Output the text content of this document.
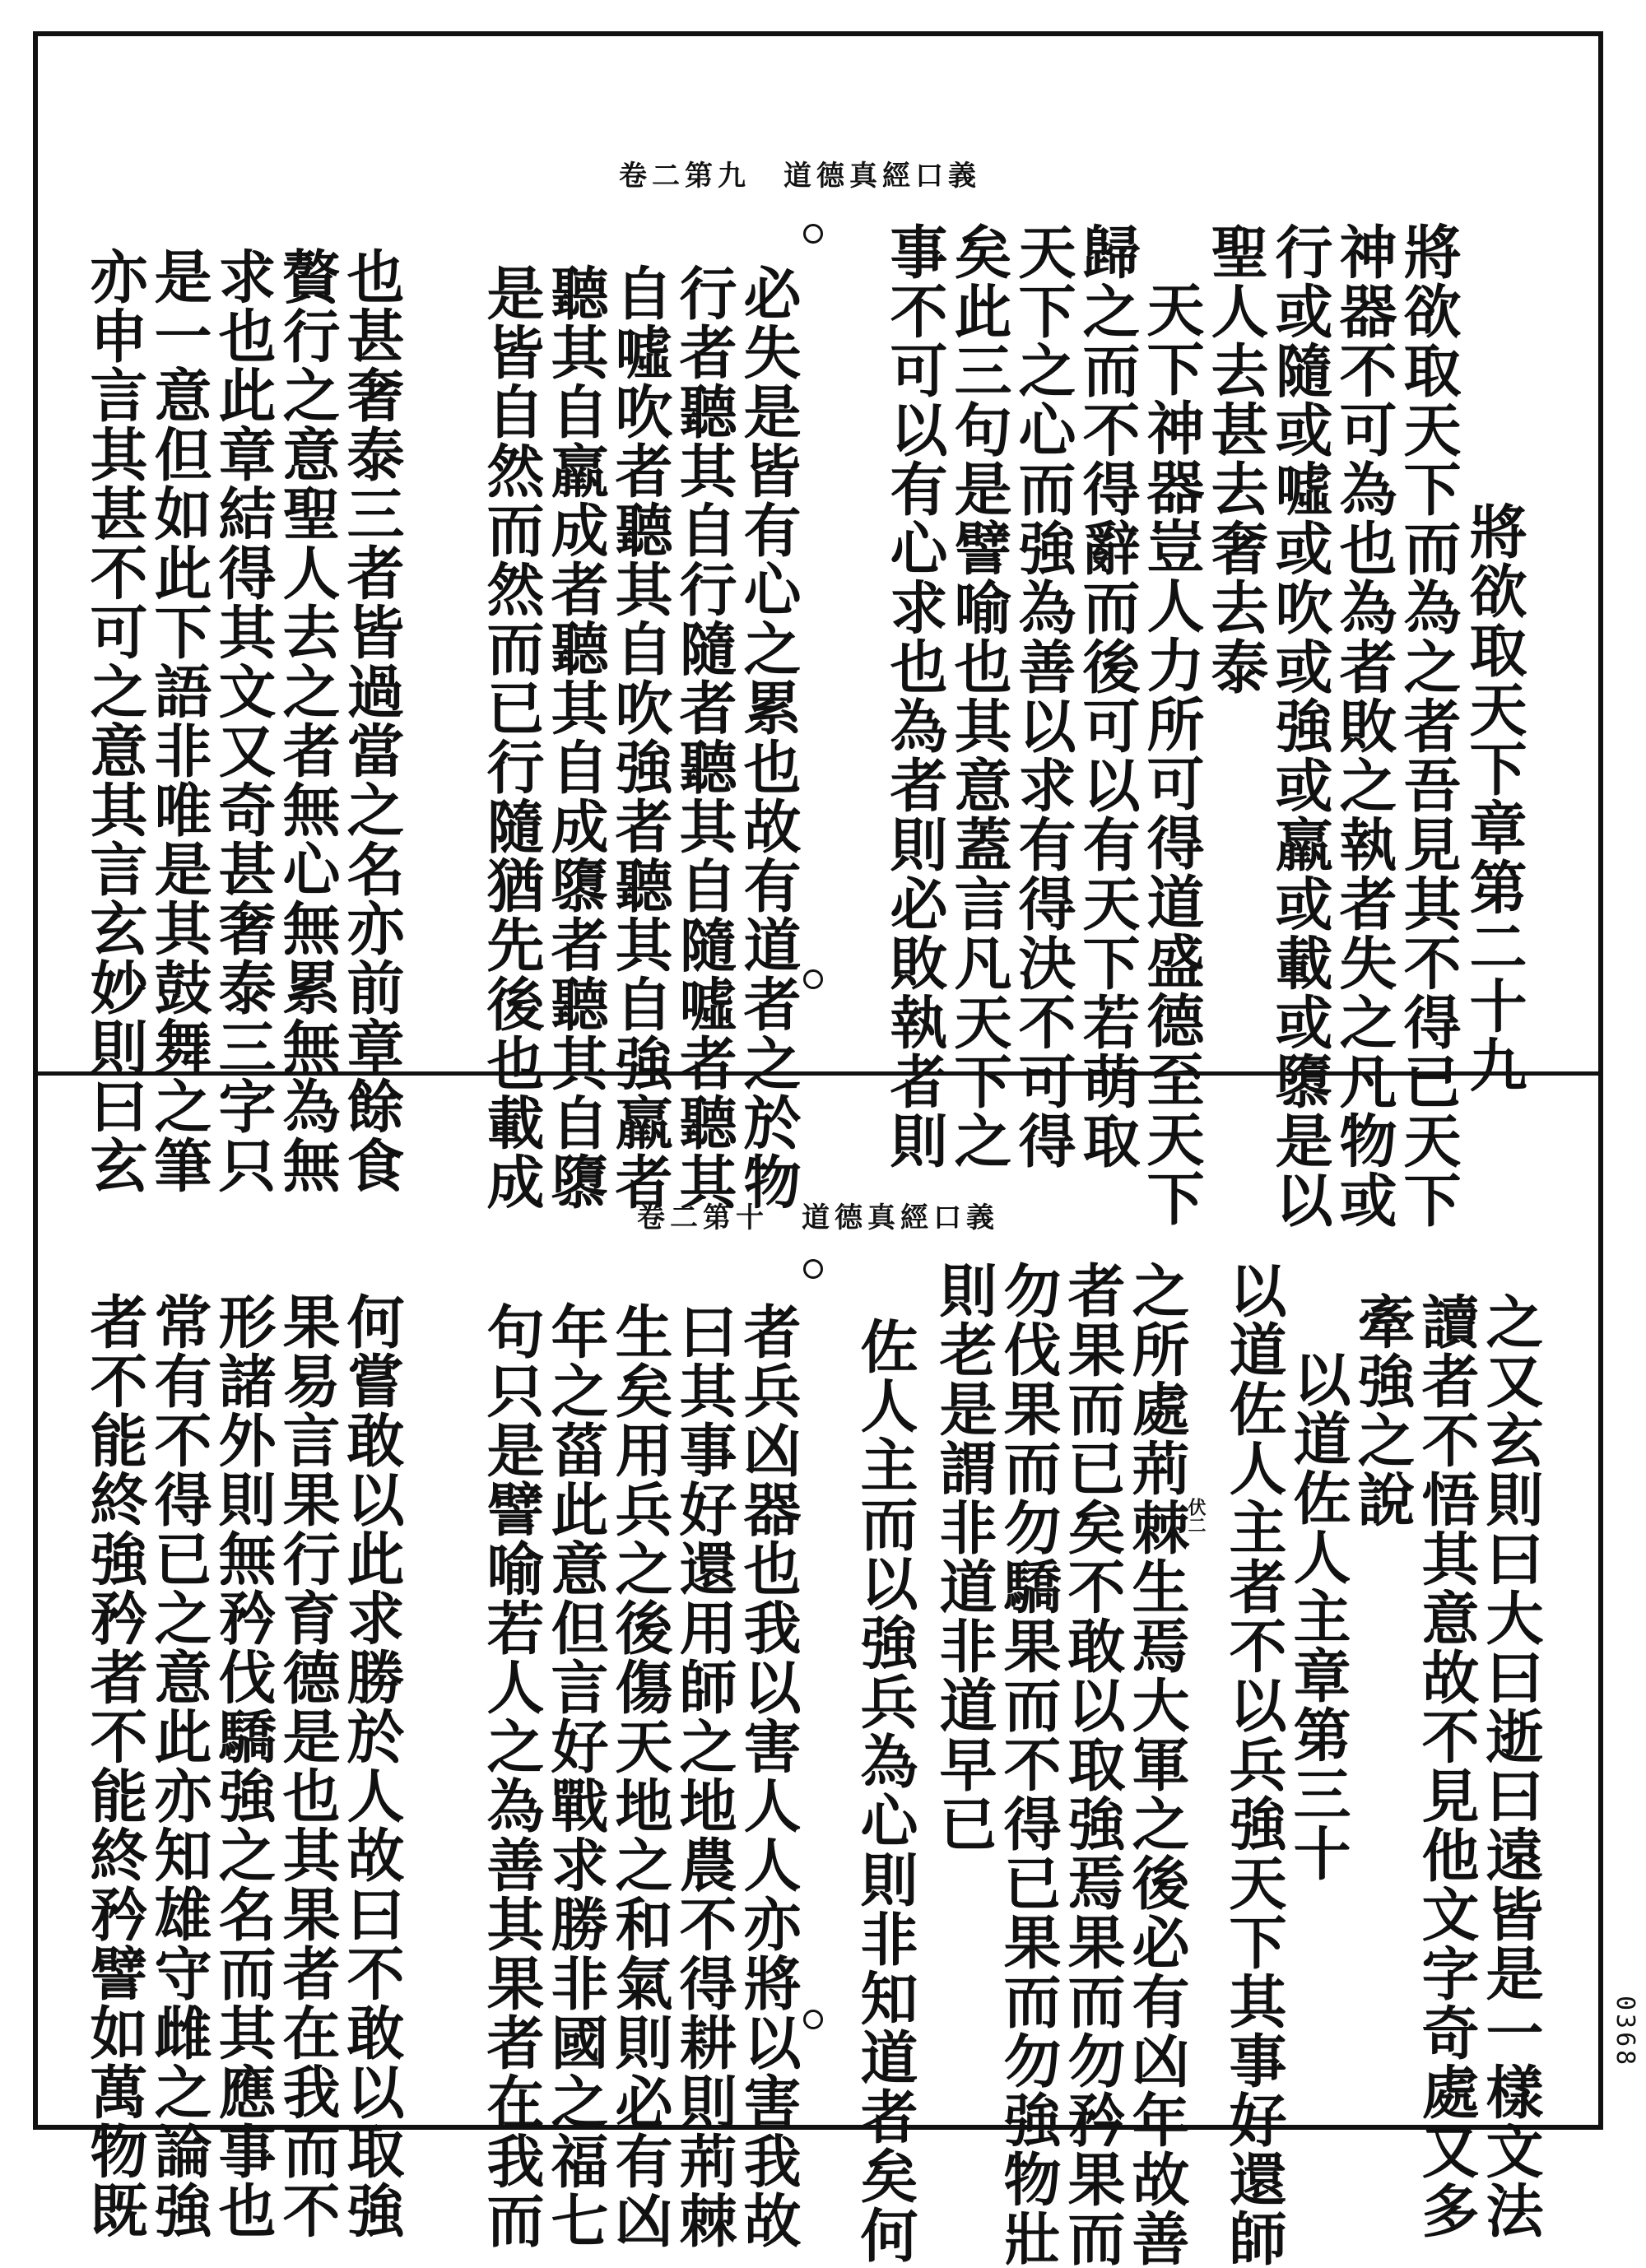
卷二第九 道德真經口義
將欲取天下章第二十九
將欲取天下而為之者吾見其不得已天下
神器不可為也為者敗之執者失之凡物或
行或隨或噓或吹或強或羸或載或隳是以
聖人去甚去奢去泰
天下神器豈人力所可得道盛德至天下
歸之而不得辭而後可以有天下若萌取
天下之心而強為善以求有得決不可得
矣此三句是譬喻也其意蓋言凡天下之
事不可以有心求也為者則必敗執者則
必失是皆有心之累也故有道者之於物
行者聽其自行隨者聽其自隨噓者聽其
自噓吹者聽其自吹強者聽其自強羸者
聽其自羸成者聽其自成隳者聽其自隳
是皆自然而然而已行隨猶先後也載成
也甚奢泰三者皆過當之名亦前章餘食
贅行之意聖人去之者無心無累無為無
求也此章結得其文又奇甚奢泰三字只
是一意但如此下語非唯是其鼓舞之筆
亦申言其甚不可之意其言玄妙則曰玄
卷二第十 道德真經口義
伏二	之又玄則曰大曰逝曰遠皆是一樣文法
讀者不悟其意故不見他文字奇處又多
牽強之說
以道佐人主章第三十
以道佐人主者不以兵強天下其事好還師
之所處荊棘生焉大軍之後必有凶年故善
者果而已矣不敢以取強焉果而勿矜果而
勿伐果而勿驕果而不得已果而勿強物壯
則老是謂非道非道早已
佐人主而以強兵為心則非知道者矣何
者兵凶器也我以害人人亦將以害我故
曰其事好還用師之地農不得耕則荊棘
生矣用兵之後傷天地之和氣則必有凶
年之菑此意但言好戰求勝非國之福七
句只是譬喻若人之為善其果者在我而
何嘗敢以此求勝於人故曰不敢以取強
果易言果行育德是也其果者在我而不
形諸外則無矜伐驕強之名而其應事也
常有不得已之意此亦知雄守雌之論強
者不能終強矜者不能終矜譬如萬物既	0368
